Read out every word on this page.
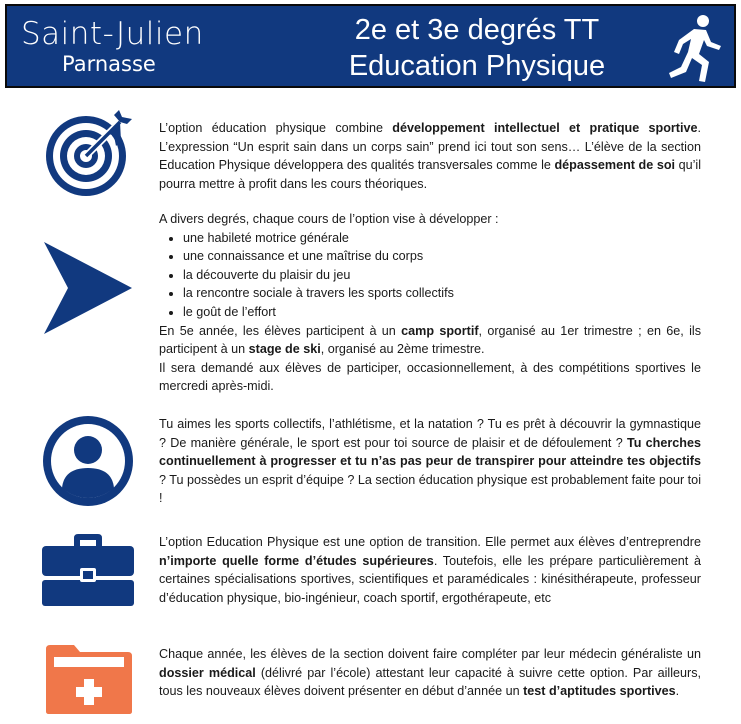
Saint-Julien
Parnasse
2e et 3e degrés TT
Education Physique

L’option éducation physique combine développement intellectuel et pratique sportive. L’expression “Un esprit sain dans un corps sain” prend ici tout son sens… L’élève de la section Education Physique développera des qualités transversales comme le dépassement de soi qu’il pourra mettre à profit dans les cours théoriques.

A divers degrés, chaque cours de l’option vise à développer :

• une habileté motrice générale
• une connaissance et une maîtrise du corps
• la découverte du plaisir du jeu
• la rencontre sociale à travers les sports collectifs
• le goût de l’effort

En 5e année, les élèves participent à un camp sportif, organisé au 1er trimestre ; en 6e, ils participent à un stage de ski, organisé au 2ème trimestre.

Il sera demandé aux élèves de participer, occasionnellement, à des compétitions sportives le mercredi après-midi.

Tu aimes les sports collectifs, l’athlétisme, et la natation ? Tu es prêt à découvrir la gymnastique ? De manière générale, le sport est pour toi source de plaisir et de défoulement ? Tu cherches continuellement à progresser et tu n’as pas peur de transpirer pour atteindre tes objectifs ? Tu possèdes un esprit d’équipe ? La section éducation physique est probablement faite pour toi !

L’option Education Physique est une option de transition. Elle permet aux élèves d’entreprendre n’importe quelle forme d’études supérieures. Toutefois, elle les prépare particulièrement à certaines spécialisations sportives, scientifiques et paramédicales : kinésithérapeute, professeur d’éducation physique, bio-ingénieur, coach sportif, ergothérapeute, etc

Chaque année, les élèves de la section doivent faire compléter par leur médecin généraliste un dossier médical (délivré par l’école) attestant leur capacité à suivre cette option. Par ailleurs, tous les nouveaux élèves doivent présenter en début d’année un test d’aptitudes sportives.
